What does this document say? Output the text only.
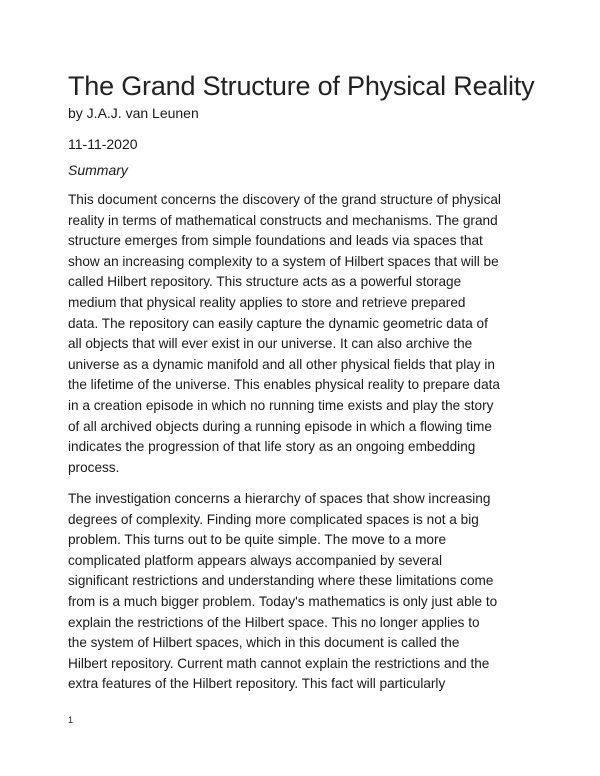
The Grand Structure of Physical Reality
by J.A.J. van Leunen
11-11-2020
Summary
This document concerns the discovery of the grand structure of physical
reality in terms of mathematical constructs and mechanisms. The grand
structure emerges from simple foundations and leads via spaces that
show an increasing complexity to a system of Hilbert spaces that will be
called Hilbert repository. This structure acts as a powerful storage
medium that physical reality applies to store and retrieve prepared
data. The repository can easily capture the dynamic geometric data of
all objects that will ever exist in our universe. It can also archive the
universe as a dynamic manifold and all other physical fields that play in
the lifetime of the universe. This enables physical reality to prepare data
in a creation episode in which no running time exists and play the story
of all archived objects during a running episode in which a flowing time
indicates the progression of that life story as an ongoing embedding
process.
The investigation concerns a hierarchy of spaces that show increasing
degrees of complexity. Finding more complicated spaces is not a big
problem. This turns out to be quite simple. The move to a more
complicated platform appears always accompanied by several
significant restrictions and understanding where these limitations come
from is a much bigger problem. Today's mathematics is only just able to
explain the restrictions of the Hilbert space. This no longer applies to
the system of Hilbert spaces, which in this document is called the
Hilbert repository. Current math cannot explain the restrictions and the
extra features of the Hilbert repository. This fact will particularly
1
